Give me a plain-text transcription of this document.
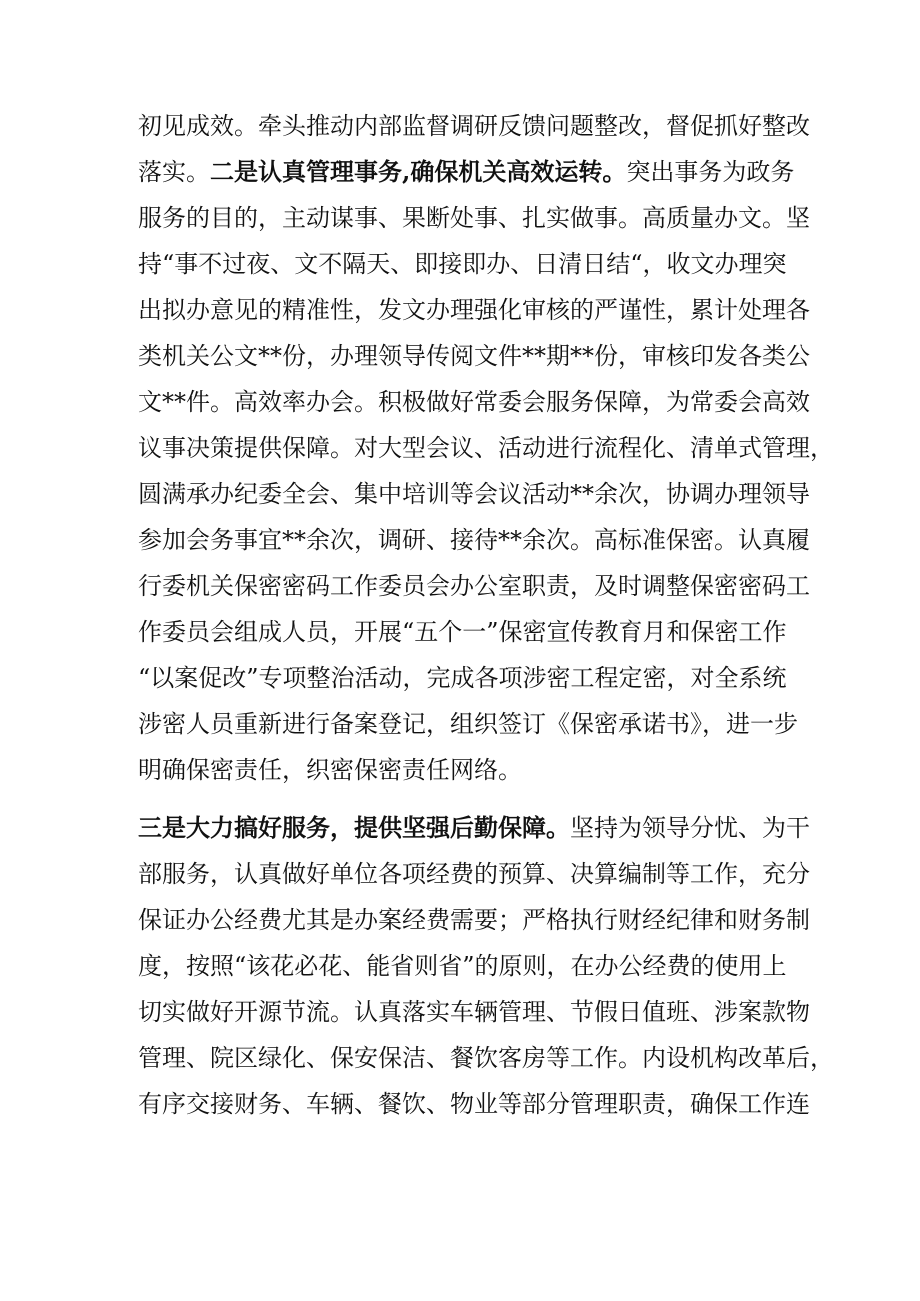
初见成效。牵头推动内部监督调研反馈问题整改，督促抓好整改
落实。二是认真管理事务,确保机关高效运转。突出事务为政务
服务的目的，主动谋事、果断处事、扎实做事。高质量办文。坚
持“事不过夜、文不隔天、即接即办、日清日结“，收文办理突
出拟办意见的精准性，发文办理强化审核的严谨性，累计处理各
类机关公文**份，办理领导传阅文件**期**份，审核印发各类公
文**件。高效率办会。积极做好常委会服务保障，为常委会高效
议事决策提供保障。对大型会议、活动进行流程化、清单式管理，
圆满承办纪委全会、集中培训等会议活动**余次，协调办理领导
参加会务事宜**余次，调研、接待**余次。高标准保密。认真履
行委机关保密密码工作委员会办公室职责，及时调整保密密码工
作委员会组成人员，开展“五个一”保密宣传教育月和保密工作
“以案促改”专项整治活动，完成各项涉密工程定密，对全系统
涉密人员重新进行备案登记，组织签订《保密承诺书》，进一步
明确保密责任，织密保密责任网络。
三是大力搞好服务，提供坚强后勤保障。坚持为领导分忧、为干
部服务，认真做好单位各项经费的预算、决算编制等工作，充分
保证办公经费尤其是办案经费需要；严格执行财经纪律和财务制
度，按照“该花必花、能省则省”的原则，在办公经费的使用上
切实做好开源节流。认真落实车辆管理、节假日值班、涉案款物
管理、院区绿化、保安保洁、餐饮客房等工作。内设机构改革后，
有序交接财务、车辆、餐饮、物业等部分管理职责，确保工作连
